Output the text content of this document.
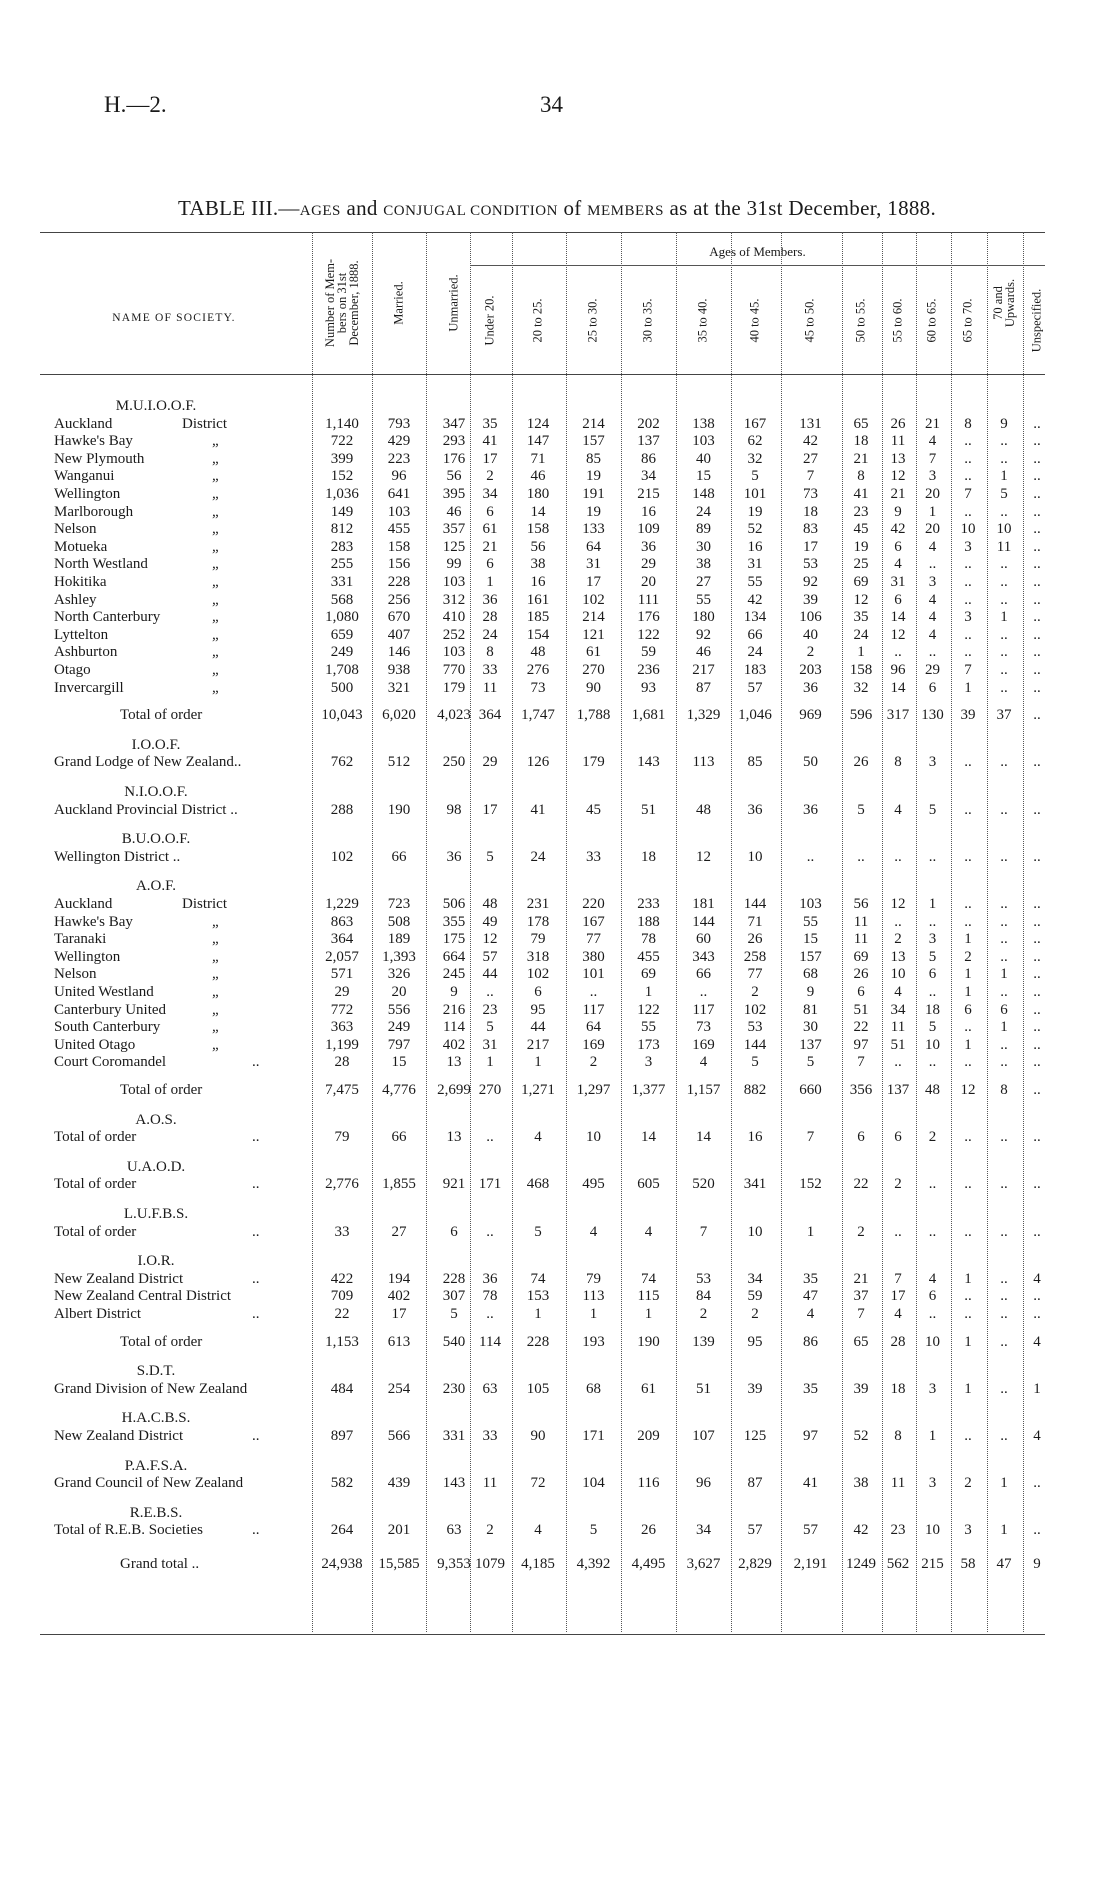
H.—2.	34
TABLE III.—AGES and CONJUGAL CONDITION of MEMBERS as at the 31st December, 1888.
NAME OF SOCIETY.
Ages of Members.
Number of Mem-
bers on 31st
December, 1888.
Married.	Unmarried. Under 20.	20 to 25.	25 to 30.	30 to 35.	35 to 40.	40 to 45.	45 to 50.	50 to 55. 55 to 60. 60 to 65. 65 to 70. 70 and
Upwards. Unspecified.
M.U.I.O.O.F.
Auckland	District	1,140	793	347	35	124	214	202	138	167	131	65	26	21	8	9	..
Hawke's Bay	„	722	429	293	41	147	157	137	103	62	42	18	11	4	..	..	..
New Plymouth	„	399	223	176	17	71	85	86	40	32	27	21	13	7	..	..	..
Wanganui	„	152	96	56	2	46	19	34	15	5	7	8	12	3	..	1	..
Wellington	„	1,036	641	395	34	180	191	215	148	101	73	41	21	20	7	5	..
Marlborough	„	149	103	46	6	14	19	16	24	19	18	23	9	1	..	..	..
Nelson	„	812	455	357	61	158	133	109	89	52	83	45	42	20	10	10	..
Motueka	„	283	158	125	21	56	64	36	30	16	17	19	6	4	3	11	..
North Westland	„	255	156	99	6	38	31	29	38	31	53	25	4	..	..	..	..
Hokitika	„	331	228	103	1	16	17	20	27	55	92	69	31	3	..	..	..
Ashley	„	568	256	312	36	161	102	111	55	42	39	12	6	4	..	..	..
North Canterbury	„	1,080	670	410	28	185	214	176	180	134	106	35	14	4	3	1	..
Lyttelton	„	659	407	252	24	154	121	122	92	66	40	24	12	4	..	..	..
Ashburton	„	249	146	103	8	48	61	59	46	24	2	1	..	..	..	..	..
Otago	„	1,708	938	770	33	276	270	236	217	183	203	158	96	29	7	..	..
Invercargill	„	500	321	179	11	73	90	93	87	57	36	32	14	6	1	..	..
Total of order	10,043	6,020	4,023 364	1,747	1,788	1,681	1,329	1,046	969	596 317 130	39	37	..
I.O.O.F.
Grand Lodge of New Zealand..	762	512	250	29	126	179	143	113	85	50	26	8	3	..	..	..
N.I.O.O.F.
Auckland Provincial District ..	288	190	98	17	41	45	51	48	36	36	5	4	5	..	..	..
B.U.O.O.F.
Wellington District ..	102	66	36	5	24	33	18	12	10	..	..	..	..	..	..	..
A.O.F.
Auckland	District	1,229	723	506	48	231	220	233	181	144	103	56	12	1	..	..	..
Hawke's Bay	„	863	508	355	49	178	167	188	144	71	55	11	..	..	..	..	..
Taranaki	„	364	189	175	12	79	77	78	60	26	15	11	2	3	1	..	..
Wellington	„	2,057	1,393	664	57	318	380	455	343	258	157	69	13	5	2	..	..
Nelson	„	571	326	245	44	102	101	69	66	77	68	26	10	6	1	1	..
United Westland	„	29	20	9	..	6	..	1	..	2	9	6	4	..	1	..	..
Canterbury United	„	772	556	216	23	95	117	122	117	102	81	51	34	18	6	6	..
South Canterbury	„	363	249	114	5	44	64	55	73	53	30	22	11	5	..	1	..
United Otago	„	1,199	797	402	31	217	169	173	169	144	137	97	51	10	1	..	..
Court Coromandel	..	28	15	13	1	1	2	3	4	5	5	7	..	..	..	..	..
Total of order	7,475	4,776	2,699 270	1,271	1,297	1,377	1,157	882	660	356 137	48	12	8	..
A.O.S.
Total of order	..	79	66	13	..	4	10	14	14	16	7	6	6	2	..	..	..
U.A.O.D.
Total of order	..	2,776	1,855	921 171	468	495	605	520	341	152	22	2	..	..	..	..
L.U.F.B.S.
Total of order	..	33	27	6	..	5	4	4	7	10	1	2	..	..	..	..	..
I.O.R.
New Zealand District	..	422	194	228	36	74	79	74	53	34	35	21	7	4	1	..	4
New Zealand Central District	709	402	307	78	153	113	115	84	59	47	37	17	6	..	..	..
Albert District	..	22	17	5	..	1	1	1	2	2	4	7	4	..	..	..	..
Total of order	1,153	613	540 114	228	193	190	139	95	86	65	28	10	1	..	4
S.D.T.
Grand Division of New Zealand	484	254	230	63	105	68	61	51	39	35	39	18	3	1	..	1
H.A.C.B.S.
New Zealand District	..	897	566	331	33	90	171	209	107	125	97	52	8	1	..	..	4
P.A.F.S.A.
Grand Council of New Zealand	582	439	143	11	72	104	116	96	87	41	38	11	3	2	1	..
R.E.B.S.
Total of R.E.B. Societies	..	264	201	63	2	4	5	26	34	57	57	42	23	10	3	1	..
Grand total ..	24,938	15,585	9,353 1079	4,185	4,392	4,495	3,627	2,829	2,191	1249 562 215	58	47	9
